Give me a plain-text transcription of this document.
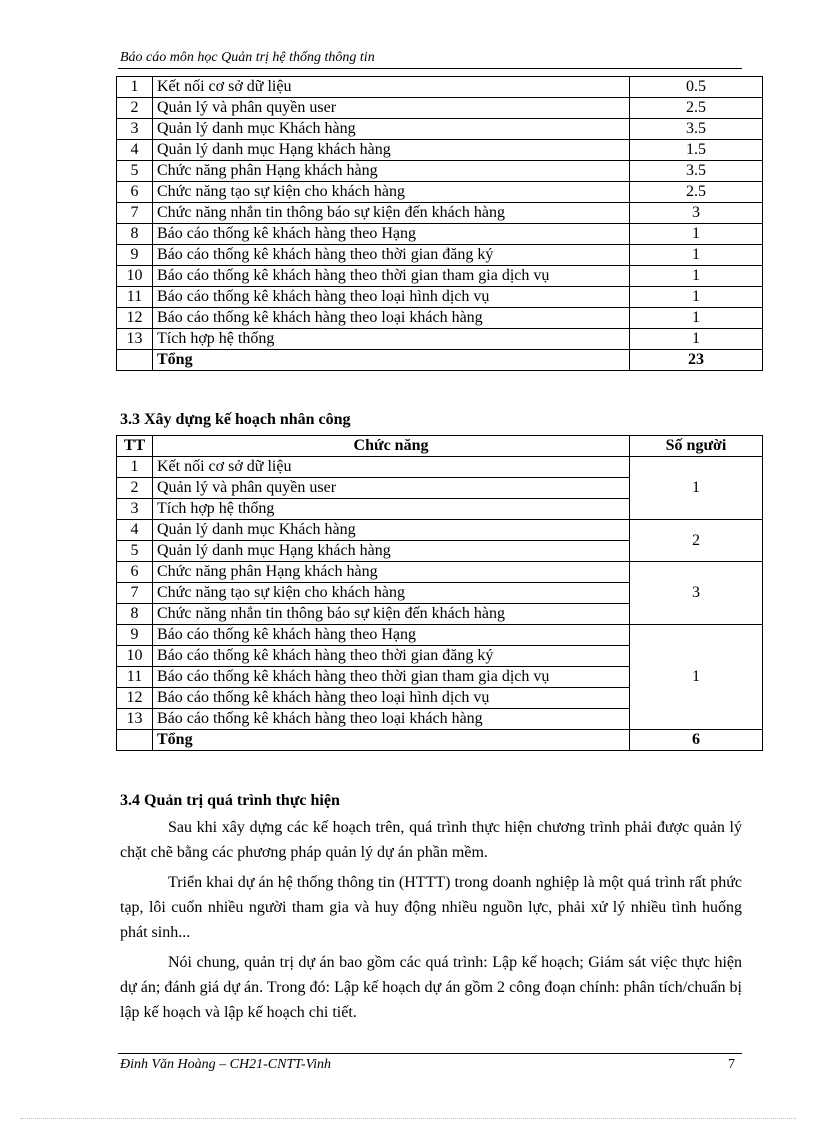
Báo cáo môn học Quản trị hệ thống thông tin
1	Kết nối cơ sở dữ liệu	0.5
2	Quản lý và phân quyền user	2.5
3	Quản lý danh mục Khách hàng	3.5
4	Quản lý danh mục Hạng khách hàng	1.5
5	Chức năng phân Hạng khách hàng	3.5
6	Chức năng tạo sự kiện cho khách hàng	2.5
7	Chức năng nhắn tin thông báo sự kiện đến khách hàng	3
8	Báo cáo thống kê khách hàng theo Hạng	1
9	Báo cáo thống kê khách hàng theo thời gian đăng ký	1
10	Báo cáo thống kê khách hàng theo thời gian tham gia dịch vụ	1
11	Báo cáo thống kê khách hàng theo loại hình dịch vụ	1
12	Báo cáo thống kê khách hàng theo loại khách hàng	1
13	Tích hợp hệ thống	1
	Tổng	23
3.3 Xây dựng kế hoạch nhân công
TT	Chức năng	Số người
1	Kết nối cơ sở dữ liệu	1
2	Quản lý và phân quyền user	
3	Tích hợp hệ thống	
4	Quản lý danh mục Khách hàng	2
5	Quản lý danh mục Hạng khách hàng	
6	Chức năng phân Hạng khách hàng	3
7	Chức năng tạo sự kiện cho khách hàng	
8	Chức năng nhắn tin thông báo sự kiện đến khách hàng	
9	Báo cáo thống kê khách hàng theo Hạng	1
10	Báo cáo thống kê khách hàng theo thời gian đăng ký	
11	Báo cáo thống kê khách hàng theo thời gian tham gia dịch vụ	
12	Báo cáo thống kê khách hàng theo loại hình dịch vụ	
13	Báo cáo thống kê khách hàng theo loại khách hàng	
	Tổng	6
3.4 Quản trị quá trình thực hiện

Sau khi xây dựng các kế hoạch trên, quá trình thực hiện chương trình phải được quản lý chặt chẽ bằng các phương pháp quản lý dự án phần mềm.

Triển khai dự án hệ thống thông tin (HTTT) trong doanh nghiệp là một quá trình rất phức tạp, lôi cuốn nhiều người tham gia và huy động nhiều nguồn lực, phải xử lý nhiều tình huống phát sinh...

Nói chung, quản trị dự án bao gồm các quá trình: Lập kế hoạch; Giám sát việc thực hiện dự án; đánh giá dự án. Trong đó: Lập kế hoạch dự án gồm 2 công đoạn chính: phân tích/chuẩn bị lập kế hoạch và lập kế hoạch chi tiết.

Đinh Văn Hoàng – CH21-CNTT-Vinh	7
